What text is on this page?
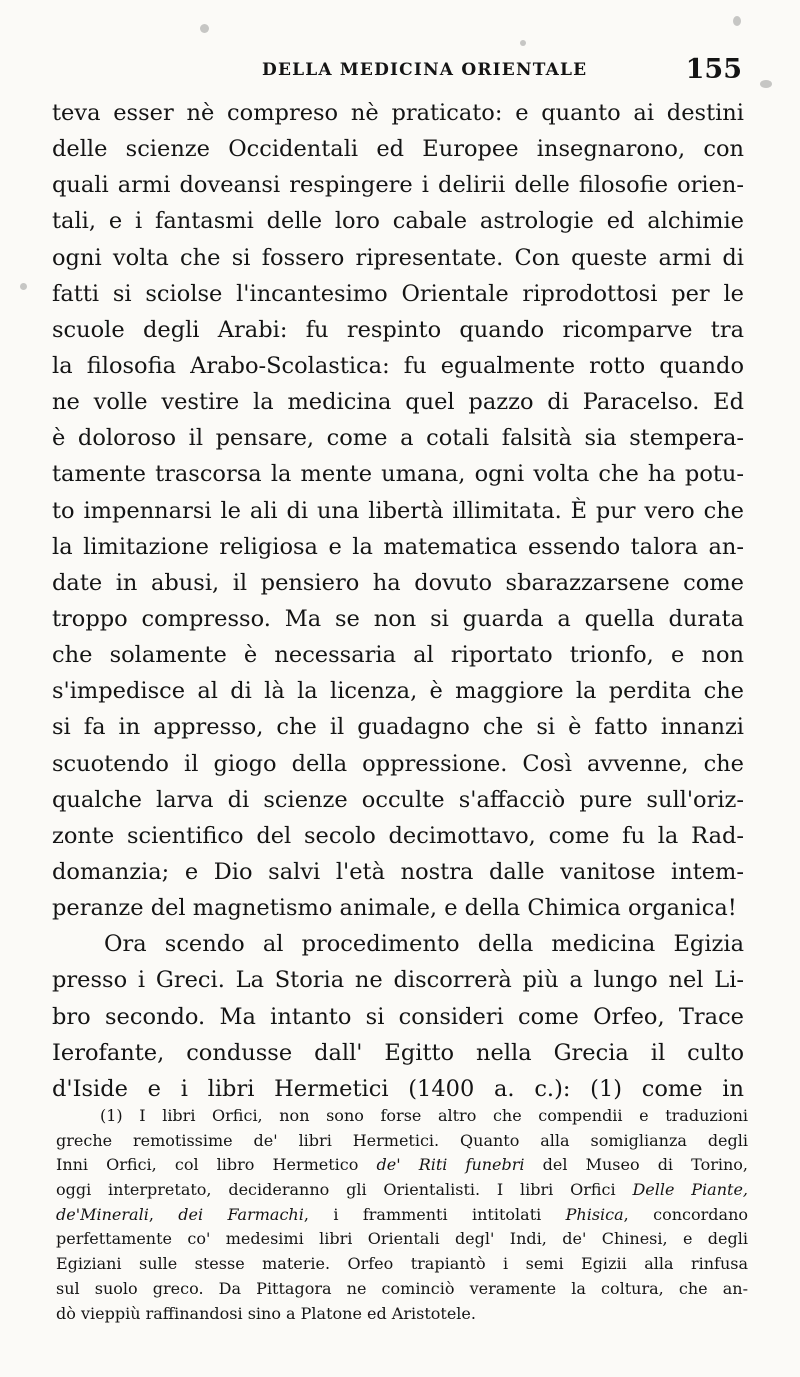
DELLA MEDICINA ORIENTALE	155
teva esser nè compreso nè praticato: e quanto ai destini
delle scienze Occidentali ed Europee insegnarono, con
quali armi doveansi respingere i delirii delle filosofie orien-
tali, e i fantasmi delle loro cabale astrologie ed alchimie
ogni volta che si fossero ripresentate. Con queste armi di
fatti si sciolse l'incantesimo Orientale riprodottosi per le
scuole degli Arabi: fu respinto quando ricomparve tra
la filosofia Arabo-Scolastica: fu egualmente rotto quando
ne volle vestire la medicina quel pazzo di Paracelso. Ed
è doloroso il pensare, come a cotali falsità sia stempera-
tamente trascorsa la mente umana, ogni volta che ha potu-
to impennarsi le ali di una libertà illimitata. È pur vero che
la limitazione religiosa e la matematica essendo talora an-
date in abusi, il pensiero ha dovuto sbarazzarsene come
troppo compresso. Ma se non si guarda a quella durata
che solamente è necessaria al riportato trionfo, e non
s'impedisce al di là la licenza, è maggiore la perdita che
si fa in appresso, che il guadagno che si è fatto innanzi
scuotendo il giogo della oppressione. Così avvenne, che
qualche larva di scienze occulte s'affacciò pure sull'oriz-
zonte scientifico del secolo decimottavo, come fu la Rad-
domanzia; e Dio salvi l'età nostra dalle vanitose intem-
peranze del magnetismo animale, e della Chimica organica!
Ora scendo al procedimento della medicina Egizia
presso i Greci. La Storia ne discorrerà più a lungo nel Li-
bro secondo. Ma intanto si consideri come Orfeo, Trace
Ierofante, condusse dall' Egitto nella Grecia il culto
d'Iside e i libri Hermetici (1400 a. c.): (1) come in
(1) I libri Orfici, non sono forse altro che compendii e traduzioni
greche remotissime de' libri Hermetici. Quanto alla somiglianza degli
Inni Orfici, col libro Hermetico de' Riti funebri del Museo di Torino,
oggi interpretato, decideranno gli Orientalisti. I libri Orfici Delle Piante,
de'Minerali, dei Farmachi, i frammenti intitolati Phisica, concordano
perfettamente co' medesimi libri Orientali degl' Indi, de' Chinesi, e degli
Egiziani sulle stesse materie. Orfeo trapiantò i semi Egizii alla rinfusa
sul suolo greco. Da Pittagora ne cominciò veramente la coltura, che an-
dò vieppiù raffinandosi sino a Platone ed Aristotele.
